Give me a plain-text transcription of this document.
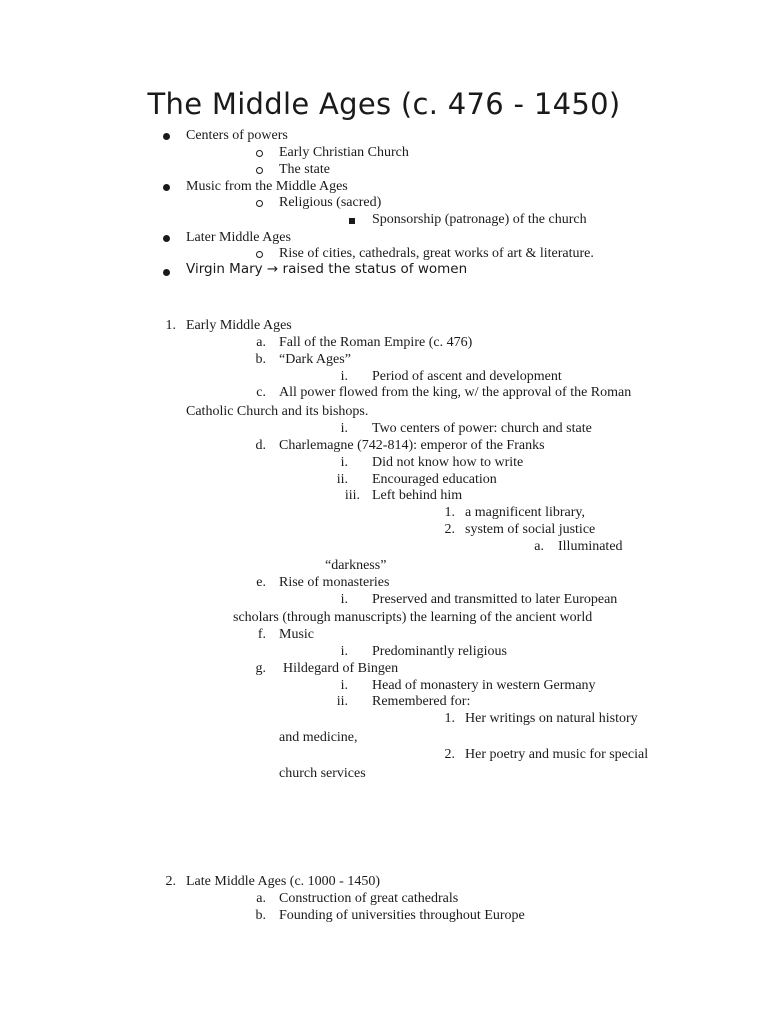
The Middle Ages (c. 476 - 1450)
Centers of powers
Early Christian Church
The state
Music from the Middle Ages
Religious (sacred)
Sponsorship (patronage) of the church
Later Middle Ages
Rise of cities, cathedrals, great works of art & literature.
Virgin Mary → raised the status of women
1. Early Middle Ages
a. Fall of the Roman Empire (c. 476)
b. “Dark Ages”
i. Period of ascent and development
c. All power flowed from the king, w/ the approval of the Roman
Catholic Church and its bishops.
i. Two centers of power: church and state
d. Charlemagne (742-814): emperor of the Franks
i. Did not know how to write
ii. Encouraged education
iii. Left behind him
1. a magnificent library,
2. system of social justice
a. Illuminated
“darkness”
e. Rise of monasteries
i. Preserved and transmitted to later European
scholars (through manuscripts) the learning of the ancient world
f. Music
i. Predominantly religious
g. Hildegard of Bingen
i. Head of monastery in western Germany
ii. Remembered for:
1. Her writings on natural history
and medicine,
2. Her poetry and music for special
church services
2. Late Middle Ages (c. 1000 - 1450)
a. Construction of great cathedrals
b. Founding of universities throughout Europe
